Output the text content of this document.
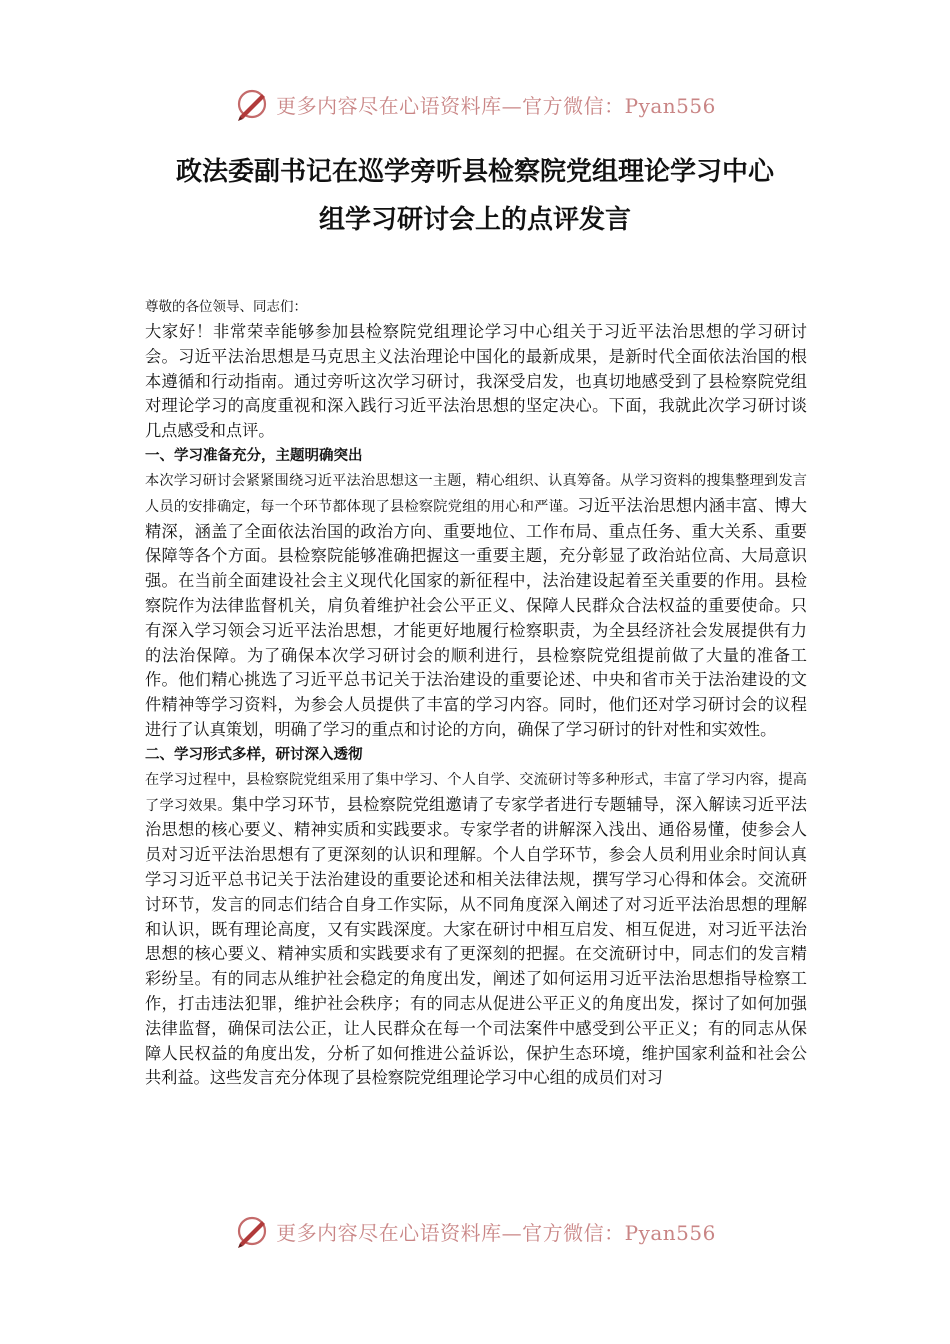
更多内容尽在心语资料库—官方微信：Pyan556
政法委副书记在巡学旁听县检察院党组理论学习中心
组学习研讨会上的点评发言

尊敬的各位领导、同志们：

大家好！非常荣幸能够参加县检察院党组理论学习中心组关于习近平法治思想的学习研讨会。习近平法治思想是马克思主义法治理论中国化的最新成果，是新时代全面依法治国的根本遵循和行动指南。通过旁听这次学习研讨，我深受启发，也真切地感受到了县检察院党组对理论学习的高度重视和深入践行习近平法治思想的坚定决心。下面，我就此次学习研讨谈几点感受和点评。

一、学习准备充分，主题明确突出

本次学习研讨会紧紧围绕习近平法治思想这一主题，精心组织、认真筹备。从学习资料的搜集整理到发言人员的安排确定，每一个环节都体现了县检察院党组的用心和严谨。习近平法治思想内涵丰富、博大精深，涵盖了全面依法治国的政治方向、重要地位、工作布局、重点任务、重大关系、重要保障等各个方面。县检察院能够准确把握这一重要主题，充分彰显了政治站位高、大局意识强。在当前全面建设社会主义现代化国家的新征程中，法治建设起着至关重要的作用。县检察院作为法律监督机关，肩负着维护社会公平正义、保障人民群众合法权益的重要使命。只有深入学习领会习近平法治思想，才能更好地履行检察职责，为全县经济社会发展提供有力的法治保障。为了确保本次学习研讨会的顺利进行，县检察院党组提前做了大量的准备工作。他们精心挑选了习近平总书记关于法治建设的重要论述、中央和省市关于法治建设的文件精神等学习资料，为参会人员提供了丰富的学习内容。同时，他们还对学习研讨会的议程进行了认真策划，明确了学习的重点和讨论的方向，确保了学习研讨的针对性和实效性。

二、学习形式多样，研讨深入透彻

在学习过程中，县检察院党组采用了集中学习、个人自学、交流研讨等多种形式，丰富了学习内容，提高了学习效果。集中学习环节，县检察院党组邀请了专家学者进行专题辅导，深入解读习近平法治思想的核心要义、精神实质和实践要求。专家学者的讲解深入浅出、通俗易懂，使参会人员对习近平法治思想有了更深刻的认识和理解。个人自学环节，参会人员利用业余时间认真学习习近平总书记关于法治建设的重要论述和相关法律法规，撰写学习心得和体会。交流研讨环节，发言的同志们结合自身工作实际，从不同角度深入阐述了对习近平法治思想的理解和认识，既有理论高度，又有实践深度。大家在研讨中相互启发、相互促进，对习近平法治思想的核心要义、精神实质和实践要求有了更深刻的把握。在交流研讨中，同志们的发言精彩纷呈。有的同志从维护社会稳定的角度出发，阐述了如何运用习近平法治思想指导检察工作，打击违法犯罪，维护社会秩序；有的同志从促进公平正义的角度出发，探讨了如何加强法律监督，确保司法公正，让人民群众在每一个司法案件中感受到公平正义；有的同志从保障人民权益的角度出发，分析了如何推进公益诉讼，保护生态环境，维护国家利益和社会公共利益。这些发言充分体现了县检察院党组理论学习中心组的成员们对习

更多内容尽在心语资料库—官方微信：Pyan556
